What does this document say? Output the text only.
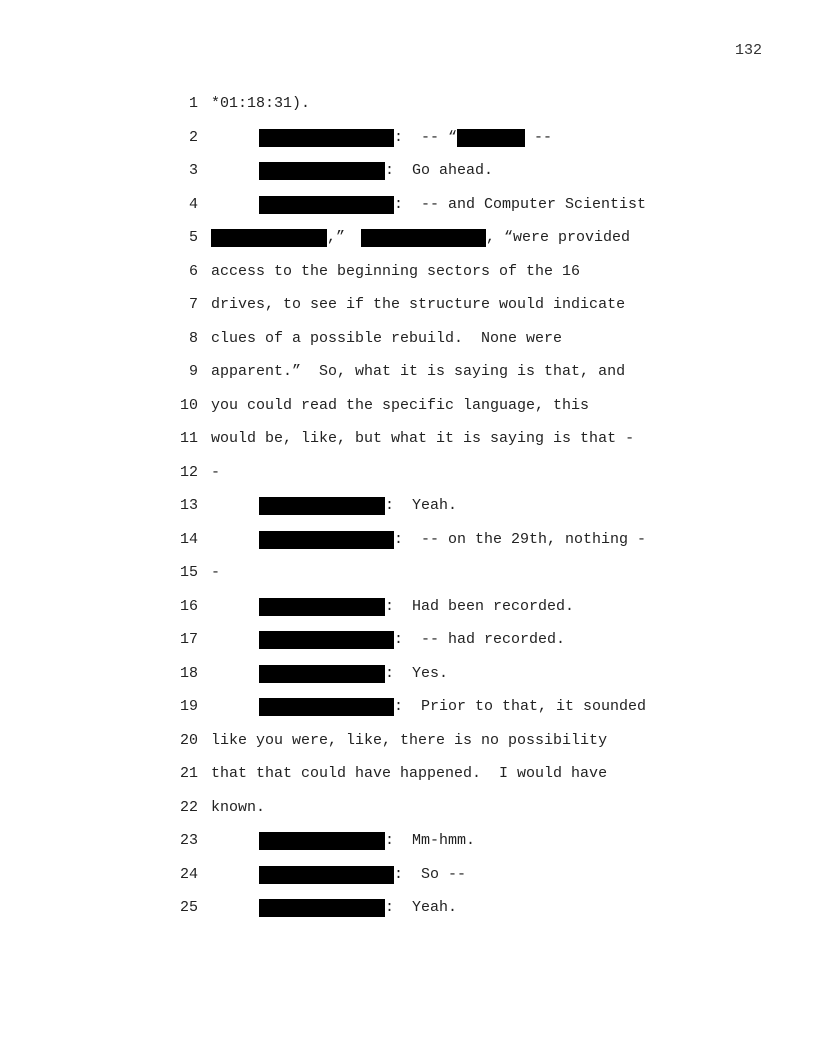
132
1 *01:18:31).
2	:  -- “	--
3	:  Go ahead.
4	:  -- and Computer Scientist
5	,”	, “were provided
6 access to the beginning sectors of the 16
7 drives, to see if the structure would indicate
8 clues of a possible rebuild.  None were
9 apparent.”  So, what it is saying is that, and
10 you could read the specific language, this
11 would be, like, but what it is saying is that -
12 -
13	:  Yeah.
14	:  -- on the 29th, nothing -
15 -
16	:  Had been recorded.
17	:  -- had recorded.
18	:  Yes.
19	:  Prior to that, it sounded
20 like you were, like, there is no possibility
21 that that could have happened.  I would have
22 known.
23	:  Mm-hmm.
24	:  So --
25	:  Yeah.
